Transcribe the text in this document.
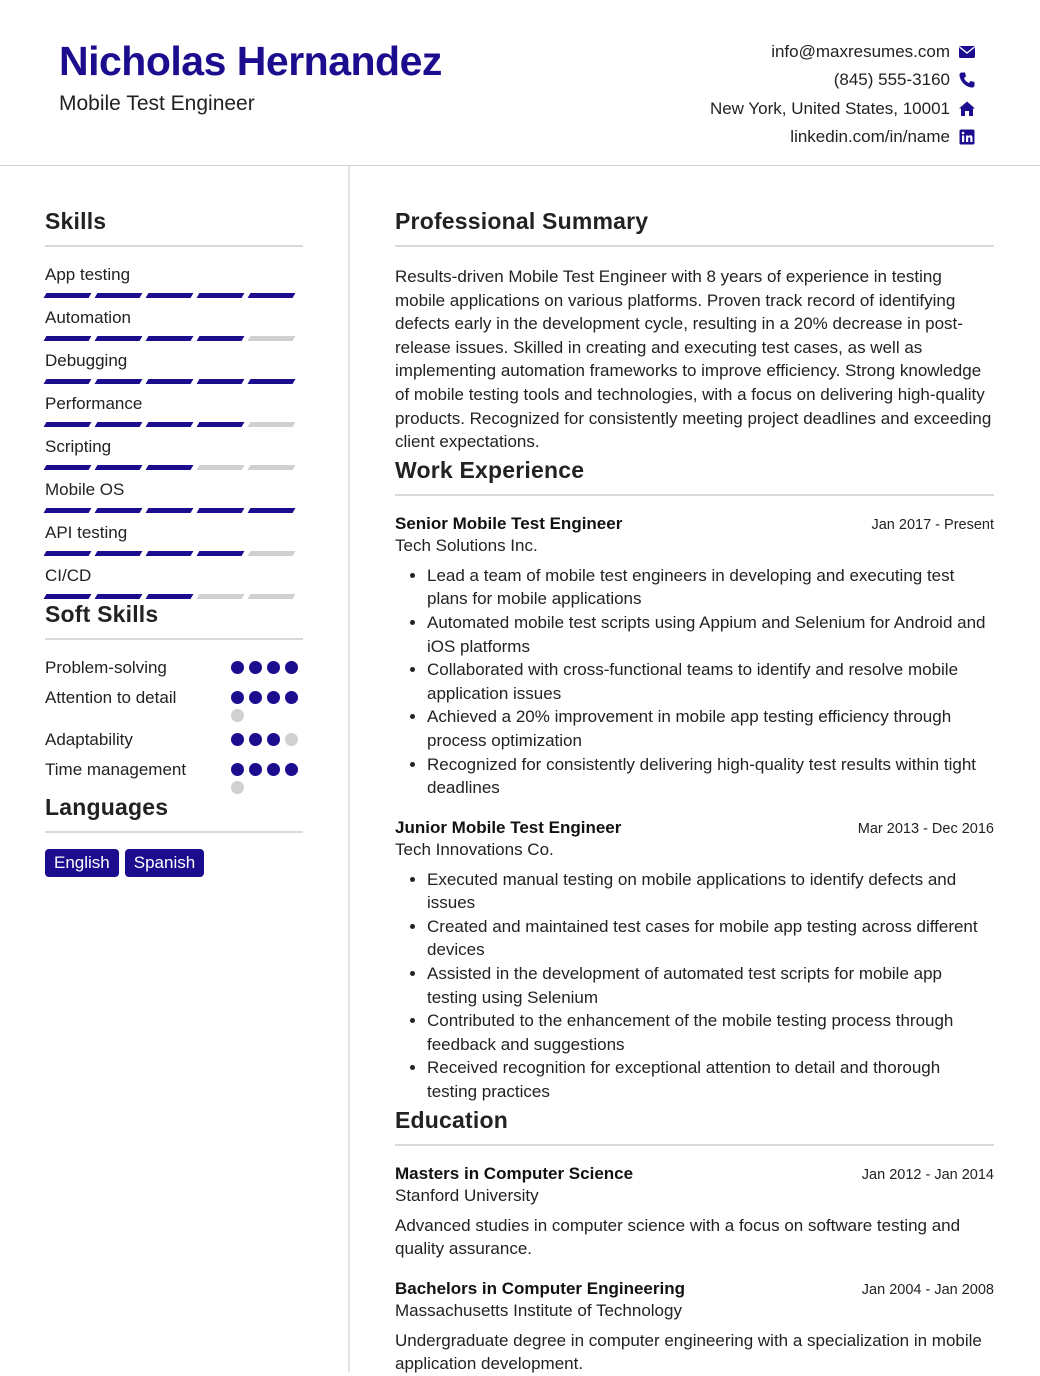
Nicholas Hernandez
Mobile Test Engineer
info@maxresumes.com
(845) 555-3160
New York, United States, 10001
linkedin.com/in/name
Skills
App testing
Automation
Debugging
Performance
Scripting
Mobile OS
API testing
CI/CD
Soft Skills
Problem-solving
Attention to detail
Adaptability
Time management
Languages
English	Spanish
Professional Summary

Results-driven Mobile Test Engineer with 8 years of experience in testing mobile applications on various platforms. Proven track record of identifying defects early in the development cycle, resulting in a 20% decrease in post-release issues. Skilled in creating and executing test cases, as well as implementing automation frameworks to improve efficiency. Strong knowledge of mobile testing tools and technologies, with a focus on delivering high-quality products. Recognized for consistently meeting project deadlines and exceeding client expectations.

Work Experience
Senior Mobile Test Engineer	Jan 2017 - Present
Tech Solutions Inc.
• Lead a team of mobile test engineers in developing and executing test plans for mobile applications
• Automated mobile test scripts using Appium and Selenium for Android and iOS platforms
• Collaborated with cross-functional teams to identify and resolve mobile application issues
• Achieved a 20% improvement in mobile app testing efficiency through process optimization
• Recognized for consistently delivering high-quality test results within tight deadlines
Junior Mobile Test Engineer	Mar 2013 - Dec 2016
Tech Innovations Co.
• Executed manual testing on mobile applications to identify defects and issues
• Created and maintained test cases for mobile app testing across different devices
• Assisted in the development of automated test scripts for mobile app testing using Selenium
• Contributed to the enhancement of the mobile testing process through feedback and suggestions
• Received recognition for exceptional attention to detail and thorough testing practices
Education
Masters in Computer Science	Jan 2012 - Jan 2014
Stanford University
Advanced studies in computer science with a focus on software testing and quality assurance.
Bachelors in Computer Engineering	Jan 2004 - Jan 2008
Massachusetts Institute of Technology
Undergraduate degree in computer engineering with a specialization in mobile application development.
